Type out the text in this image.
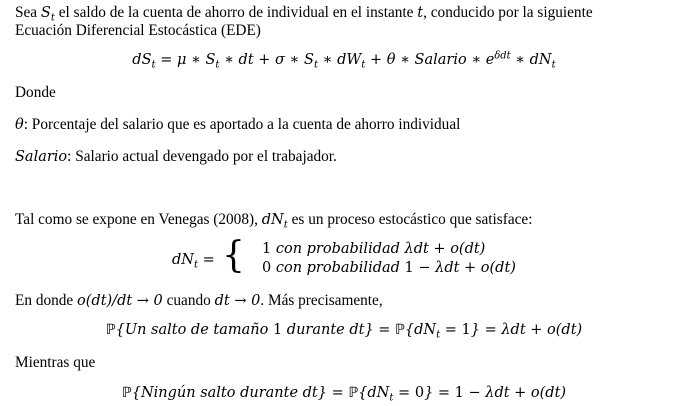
Sea $S_t$ el saldo de la cuenta de ahorro de individual en el instante t, conducido por la siguiente
Ecuación Diferencial Estocástica (EDE)
$dS_t = \mu$ ∗ $S_t$ ∗ dt + σ ∗ $S_t$ ∗ $dW_t + \theta$ ∗ Salario ∗ $e^{\delta dt}$ ∗ $dN_t$
Donde
θ: Porcentaje del salario que es aportado a la cuenta de ahorro individual
Salario: Salario actual devengado por el trabajador.
Tal como se expone en Venegas (2008), $dN_t$ es un proceso estocástico que satisface:
$dN_t$ = { 1 con probabilidad λdt + o(dt)
0 con probabilidad 1 − λdt + o(dt)
En donde o(dt)/dt → 0 cuando dt → 0. Más precisamente,
ℙ{Un salto de tamaño 1 durante $dt\} = ℙ\{dN_t = 1\} = \lambda dt + o(dt)$
Mientras que
ℙ{Ningún salto durante $dt\} = ℙ\{dN_t = 0\} = 1 - \lambda dt + o(dt)$
